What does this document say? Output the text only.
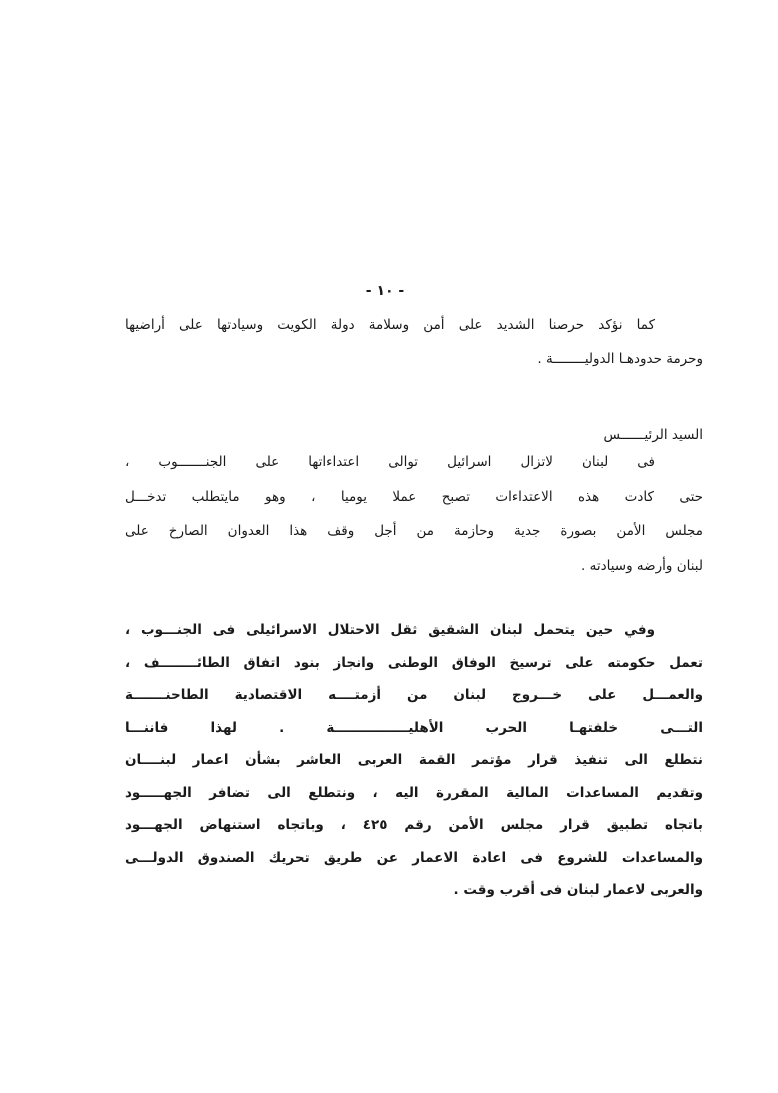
- ١٠ -
كما نؤكد حرصنا الشديد على أمن وسلامة دولة الكويت وسيادتها على أراضيها
وحرمة حدودهـا الدوليــــــــة .
السيد الرئيــــــس
فى لبنان لاتزال اسرائيل توالى اعتداءاتها على الجنـــــــوب ،
حتى كادت هذه الاعتداءات تصبح عملا يوميا ، وهو مايتطلب تدخـــل
مجلس الأمن بصورة جدية وحازمة من أجل وقف هذا العدوان الصارخ على
لبنان وأرضه وسيادته .
وفي حين يتحمل لبنان الشقيق ثقل الاحتلال الاسرائيلى فى الجنـــوب ،
تعمل حكومته على ترسيخ الوفاق الوطنى وانجاز بنود اتفاق الطائــــــــف ،
والعمـــل على خـــروج لبنان من أزمتــــه الاقتصادية الطاحنـــــــة
التـــى خلفتهـا الحرب الأهليــــــــــــــــة . لهذا فاننـــا
نتطلع الى تنفيذ قرار مؤتمر القمة العربى العاشر بشأن اعمار لبنــــان
وتقديم المساعدات المالية المقررة اليه ، ونتطلع الى تضافر الجهـــــود
باتجاه تطبيق قرار مجلس الأمن رقم ٤٢٥ ، وباتجاه استنهاض الجهـــود
والمساعدات للشروع فى اعادة الاعمار عن طريق تحريك الصندوق الدولـــى
والعربى لاعمار لبنان فى أقرب وقت .
